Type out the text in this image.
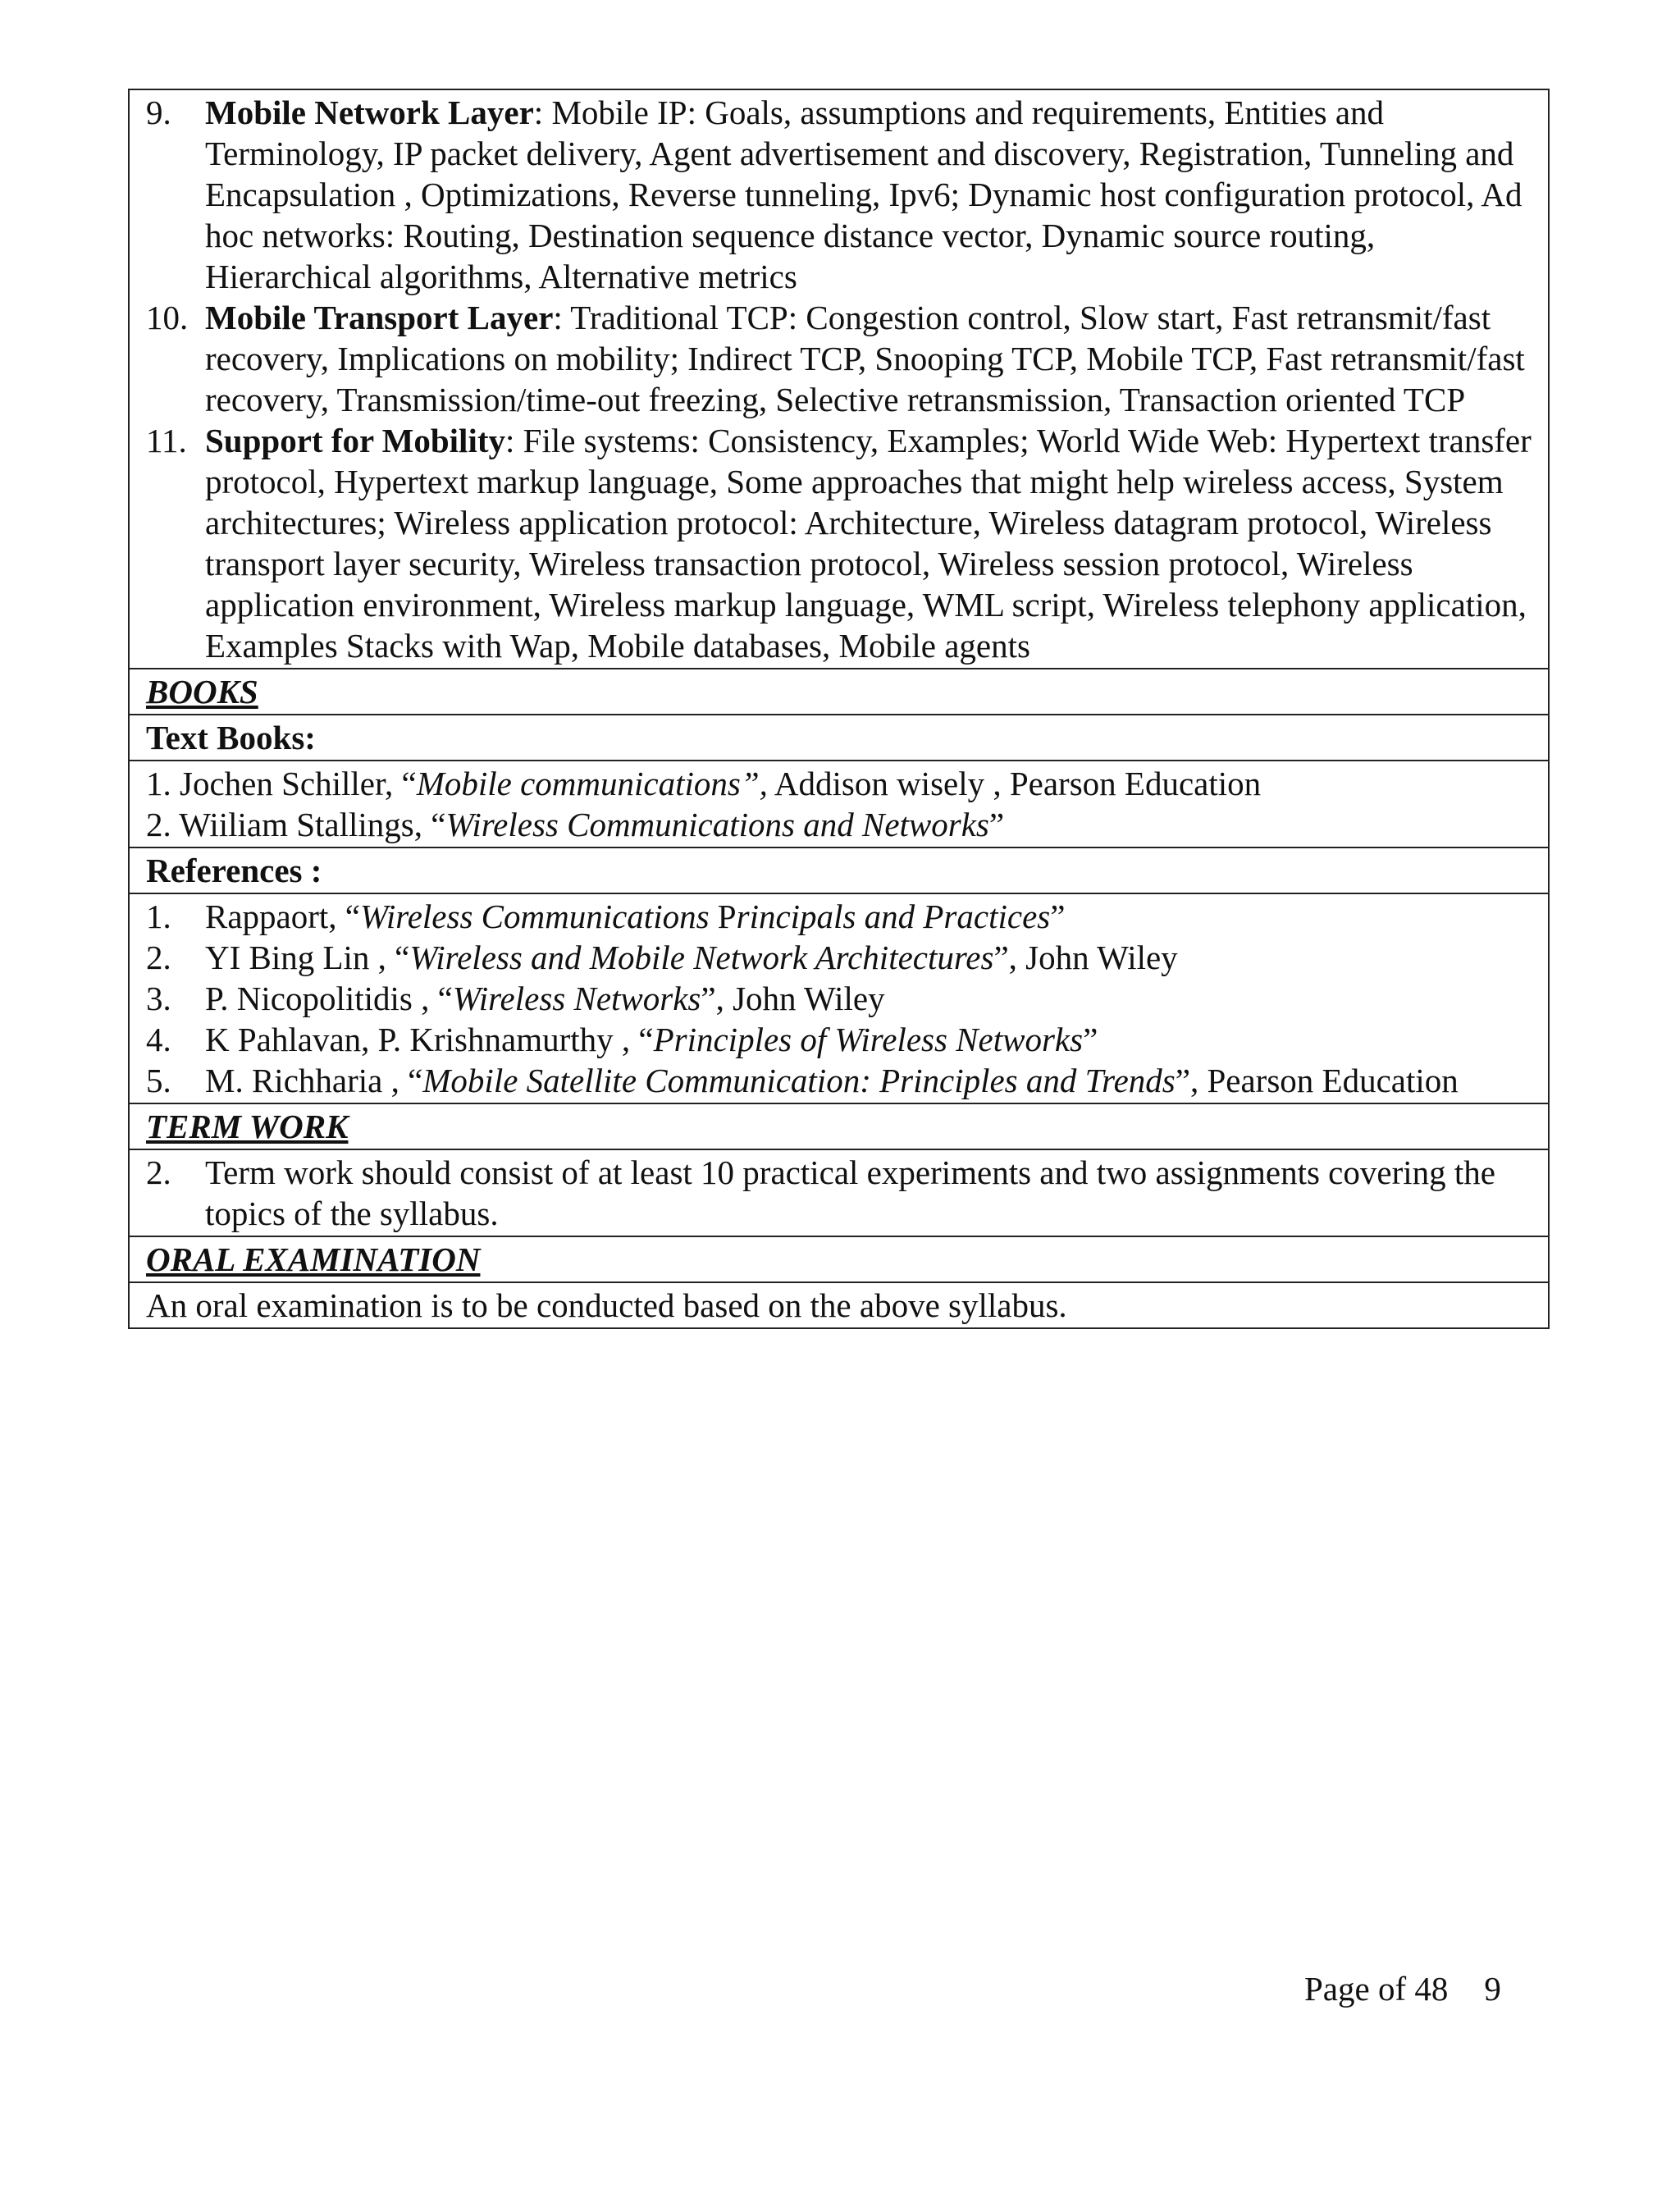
9.	Mobile Network Layer: Mobile IP: Goals, assumptions and requirements, Entities and Terminology, IP packet delivery, Agent advertisement and discovery, Registration, Tunneling and Encapsulation , Optimizations, Reverse tunneling, Ipv6; Dynamic host configuration protocol, Ad hoc networks: Routing, Destination sequence distance vector, Dynamic source routing, Hierarchical algorithms, Alternative metrics
10. Mobile Transport Layer: Traditional TCP: Congestion control, Slow start, Fast retransmit/fast recovery, Implications on mobility; Indirect TCP, Snooping TCP, Mobile TCP, Fast retransmit/fast recovery, Transmission/time-out freezing, Selective retransmission, Transaction oriented TCP
11. Support for Mobility: File systems: Consistency, Examples; World Wide Web: Hypertext transfer protocol, Hypertext markup language, Some approaches that might help wireless access, System architectures; Wireless application protocol: Architecture, Wireless datagram protocol, Wireless transport layer security, Wireless transaction protocol, Wireless session protocol, Wireless application environment, Wireless markup language, WML script, Wireless telephony application, Examples Stacks with Wap, Mobile databases, Mobile agents

BOOKS
Text Books:

1. Jochen Schiller, “Mobile communications”, Addison wisely , Pearson Education
2. Wiiliam Stallings, “Wireless Communications and Networks”

References :

1.	Rappaort, “Wireless Communications Principals and Practices”
2.	YI Bing Lin , “Wireless and Mobile Network Architectures”, John Wiley
3.	P. Nicopolitidis , “Wireless Networks”, John Wiley
4.	K Pahlavan, P. Krishnamurthy , “Principles of Wireless Networks”
5.	M. Richharia , “Mobile Satellite Communication: Principles and Trends”, Pearson Education

TERM WORK

2.	Term work should consist of at least 10 practical experiments and two assignments covering the topics of the syllabus.

ORAL EXAMINATION
An oral examination is to be conducted based on the above syllabus.
Page of 48 9
